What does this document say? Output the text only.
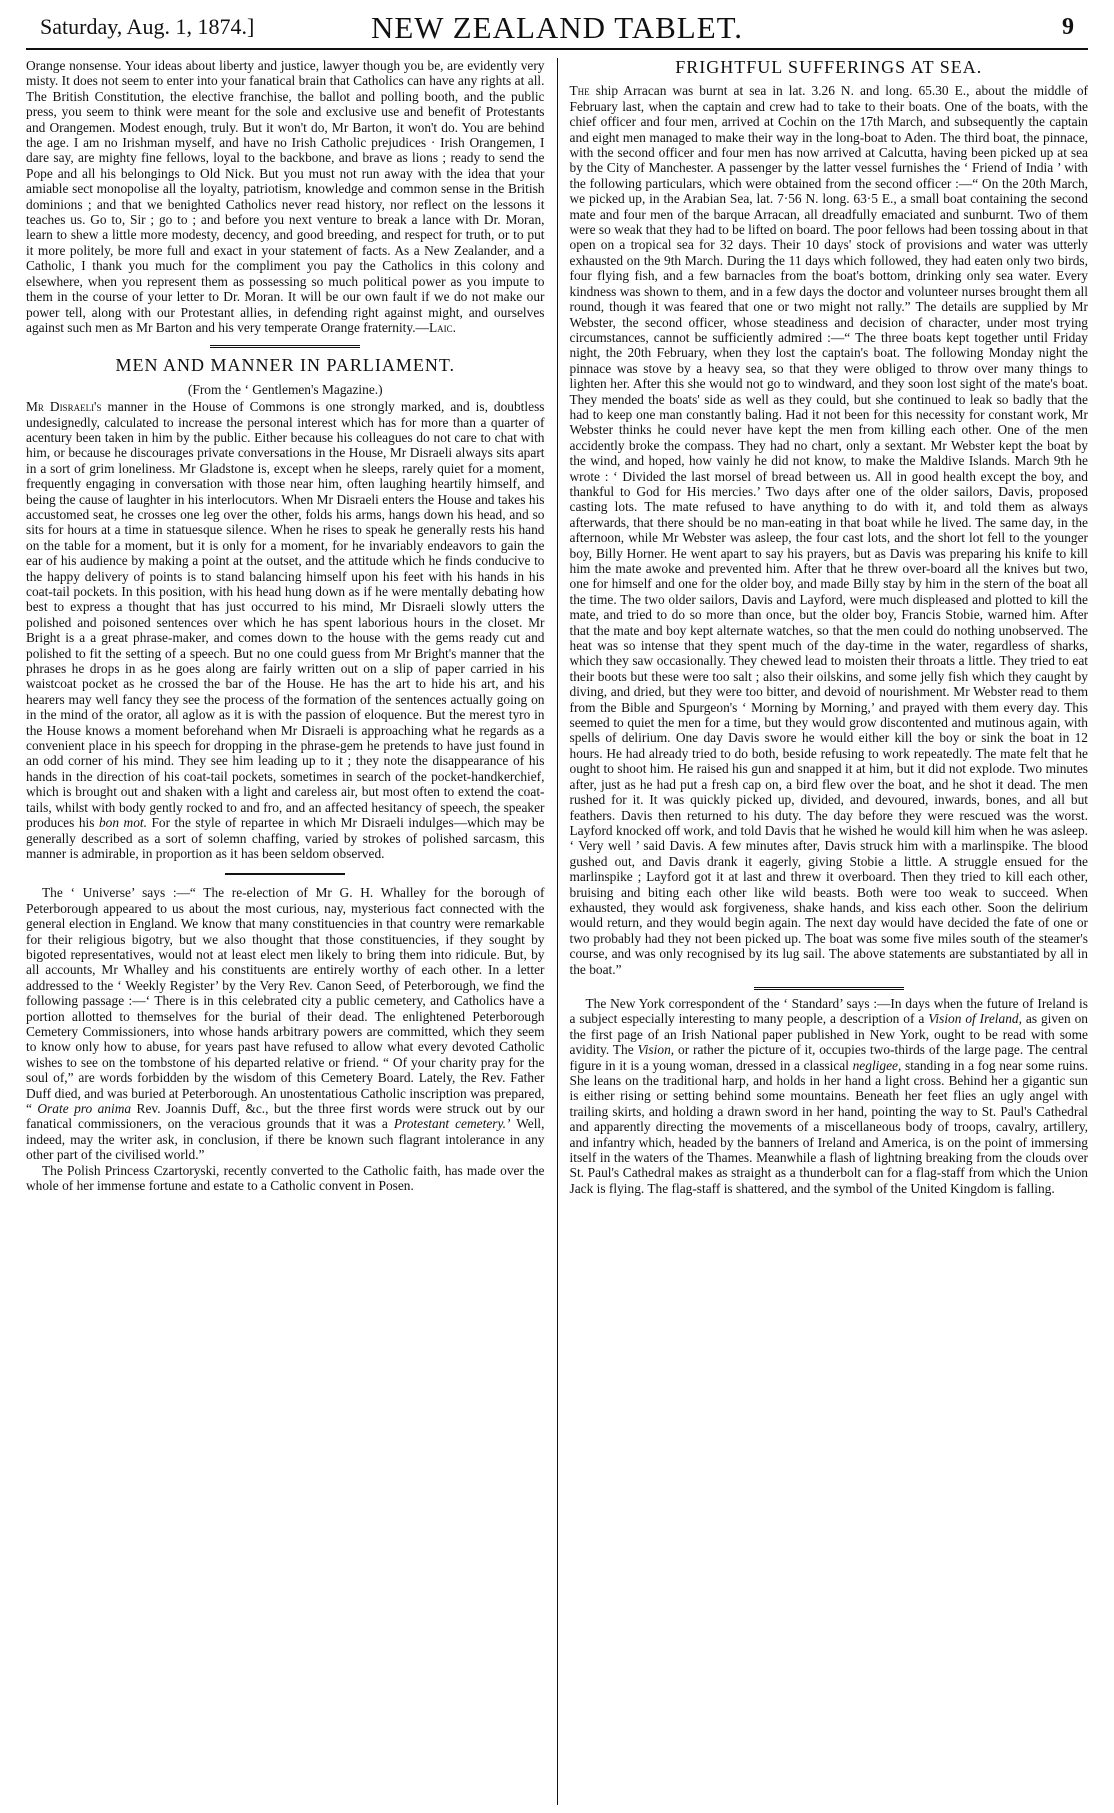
Saturday, Aug. 1, 1874.]	NEW ZEALAND TABLET.	9

Orange nonsense. Your ideas about liberty and justice, lawyer though you be, are evidently very misty. It does not seem to enter into your fanatical brain that Catholics can have any rights at all. The British Constitution, the elective franchise, the ballot and polling booth, and the public press, you seem to think were meant for the sole and exclusive use and benefit of Protestants and Orangemen. Modest enough, truly. But it won't do, Mr Barton, it won't do. You are behind the age. I am no Irishman myself, and have no Irish Catholic prejudices · Irish Orangemen, I dare say, are mighty fine fellows, loyal to the backbone, and brave as lions ; ready to send the Pope and all his belongings to Old Nick. But you must not run away with the idea that your amiable sect monopolise all the loyalty, patriotism, knowledge and common sense in the British dominions ; and that we benighted Catholics never read history, nor reflect on the lessons it teaches us. Go to, Sir ; go to ; and before you next venture to break a lance with Dr. Moran, learn to shew a little more modesty, decency, and good breeding, and respect for truth, or to put it more politely, be more full and exact in your statement of facts. As a New Zealander, and a Catholic, I thank you much for the compliment you pay the Catholics in this colony and elsewhere, when you represent them as possessing so much political power as you impute to them in the course of your letter to Dr. Moran. It will be our own fault if we do not make our power tell, along with our Protestant allies, in defending right against might, and ourselves against such men as Mr Barton and his very temperate Orange fraternity.—Laic.

MEN AND MANNER IN PARLIAMENT.
(From the ‘ Gentlemen's Magazine.)

Mr Disraeli's manner in the House of Commons is one strongly marked, and is, doubtless undesignedly, calculated to increase the personal interest which has for more than a quarter of acentury been taken in him by the public. Either because his colleagues do not care to chat with him, or because he discourages private conversations in the House, Mr Disraeli always sits apart in a sort of grim loneliness. Mr Gladstone is, except when he sleeps, rarely quiet for a moment, frequently engaging in conversation with those near him, often laughing heartily himself, and being the cause of laughter in his interlocutors. When Mr Disraeli enters the House and takes his accustomed seat, he crosses one leg over the other, folds his arms, hangs down his head, and so sits for hours at a time in statuesque silence. When he rises to speak he generally rests his hand on the table for a moment, but it is only for a moment, for he invariably endeavors to gain the ear of his audience by making a point at the outset, and the attitude which he finds conducive to the happy delivery of points is to stand balancing himself upon his feet with his hands in his coat-tail pockets. In this position, with his head hung down as if he were mentally debating how best to express a thought that has just occurred to his mind, Mr Disraeli slowly utters the polished and poisoned sentences over which he has spent laborious hours in the closet. Mr Bright is a a great phrase-maker, and comes down to the house with the gems ready cut and polished to fit the setting of a speech. But no one could guess from Mr Bright's manner that the phrases he drops in as he goes along are fairly written out on a slip of paper carried in his waistcoat pocket as he crossed the bar of the House. He has the art to hide his art, and his hearers may well fancy they see the process of the formation of the sentences actually going on in the mind of the orator, all aglow as it is with the passion of eloquence. But the merest tyro in the House knows a moment beforehand when Mr Disraeli is approaching what he regards as a convenient place in his speech for dropping in the phrase-gem he pretends to have just found in an odd corner of his mind. They see him leading up to it ; they note the disappearance of his hands in the direction of his coat-tail pockets, sometimes in search of the pocket-handkerchief, which is brought out and shaken with a light and careless air, but most often to extend the coat-tails, whilst with body gently rocked to and fro, and an affected hesitancy of speech, the speaker produces his bon mot. For the style of repartee in which Mr Disraeli indulges—which may be generally described as a sort of solemn chaffing, varied by strokes of polished sarcasm, this manner is admirable, in proportion as it has been seldom observed.

The ‘ Universe’ says :—“ The re-election of Mr G. H. Whalley for the borough of Peterborough appeared to us about the most curious, nay, mysterious fact connected with the general election in England. We know that many constituencies in that country were remarkable for their religious bigotry, but we also thought that those constituencies, if they sought by bigoted representatives, would not at least elect men likely to bring them into ridicule. But, by all accounts, Mr Whalley and his constituents are entirely worthy of each other. In a letter addressed to the ‘ Weekly Register’ by the Very Rev. Canon Seed, of Peterborough, we find the following passage :—‘ There is in this celebrated city a public cemetery, and Catholics have a portion allotted to themselves for the burial of their dead. The enlightened Peterborough Cemetery Commissioners, into whose hands arbitrary powers are committed, which they seem to know only how to abuse, for years past have refused to allow what every devoted Catholic wishes to see on the tombstone of his departed relative or friend. “ Of your charity pray for the soul of,” are words forbidden by the wisdom of this Cemetery Board. Lately, the Rev. Father Duff died, and was buried at Peterborough. An unostentatious Catholic inscription was prepared, “ Orate pro anima Rev. Joannis Duff, &c., but the three first words were struck out by our fanatical commissioners, on the veracious grounds that it was a Protestant cemetery.’ Well, indeed, may the writer ask, in conclusion, if there be known such flagrant intolerance in any other part of the civilised world.”

The Polish Princess Czartoryski, recently converted to the Catholic faith, has made over the whole of her immense fortune and estate to a Catholic convent in Posen.

FRIGHTFUL SUFFERINGS AT SEA.

The ship Arracan was burnt at sea in lat. 3.26 N. and long. 65.30 E., about the middle of February last, when the captain and crew had to take to their boats. One of the boats, with the chief officer and four men, arrived at Cochin on the 17th March, and subsequently the captain and eight men managed to make their way in the long-boat to Aden. The third boat, the pinnace, with the second officer and four men has now arrived at Calcutta, having been picked up at sea by the City of Manchester. A passenger by the latter vessel furnishes the ‘ Friend of India ’ with the following particulars, which were obtained from the second officer :—“ On the 20th March, we picked up, in the Arabian Sea, lat. 7·56 N. long. 63·5 E., a small boat containing the second mate and four men of the barque Arracan, all dreadfully emaciated and sunburnt. Two of them were so weak that they had to be lifted on board. The poor fellows had been tossing about in that open on a tropical sea for 32 days. Their 10 days' stock of provisions and water was utterly exhausted on the 9th March. During the 11 days which followed, they had eaten only two birds, four flying fish, and a few barnacles from the boat's bottom, drinking only sea water. Every kindness was shown to them, and in a few days the doctor and volunteer nurses brought them all round, though it was feared that one or two might not rally.” The details are supplied by Mr Webster, the second officer, whose steadiness and decision of character, under most trying circumstances, cannot be sufficiently admired :—“ The three boats kept together until Friday night, the 20th February, when they lost the captain's boat. The following Monday night the pinnace was stove by a heavy sea, so that they were obliged to throw over many things to lighten her. After this she would not go to windward, and they soon lost sight of the mate's boat. They mended the boats' side as well as they could, but she continued to leak so badly that the had to keep one man constantly baling. Had it not been for this necessity for constant work, Mr Webster thinks he could never have kept the men from killing each other. One of the men accidently broke the compass. They had no chart, only a sextant. Mr Webster kept the boat by the wind, and hoped, how vainly he did not know, to make the Maldive Islands. March 9th he wrote : ‘ Divided the last morsel of bread between us. All in good health except the boy, and thankful to God for His mercies.’ Two days after one of the older sailors, Davis, proposed casting lots. The mate refused to have anything to do with it, and told them as always afterwards, that there should be no man-eating in that boat while he lived. The same day, in the afternoon, while Mr Webster was asleep, the four cast lots, and the short lot fell to the younger boy, Billy Horner. He went apart to say his prayers, but as Davis was preparing his knife to kill him the mate awoke and prevented him. After that he threw over-board all the knives but two, one for himself and one for the older boy, and made Billy stay by him in the stern of the boat all the time. The two older sailors, Davis and Layford, were much displeased and plotted to kill the mate, and tried to do so more than once, but the older boy, Francis Stobie, warned him. After that the mate and boy kept alternate watches, so that the men could do nothing unobserved. The heat was so intense that they spent much of the day-time in the water, regardless of sharks, which they saw occasionally. They chewed lead to moisten their throats a little. They tried to eat their boots but these were too salt ; also their oilskins, and some jelly fish which they caught by diving, and dried, but they were too bitter, and devoid of nourishment. Mr Webster read to them from the Bible and Spurgeon's ‘ Morning by Morning,’ and prayed with them every day. This seemed to quiet the men for a time, but they would grow discontented and mutinous again, with spells of delirium. One day Davis swore he would either kill the boy or sink the boat in 12 hours. He had already tried to do both, beside refusing to work repeatedly. The mate felt that he ought to shoot him. He raised his gun and snapped it at him, but it did not explode. Two minutes after, just as he had put a fresh cap on, a bird flew over the boat, and he shot it dead. The men rushed for it. It was quickly picked up, divided, and devoured, inwards, bones, and all but feathers. Davis then returned to his duty. The day before they were rescued was the worst. Layford knocked off work, and told Davis that he wished he would kill him when he was asleep. ‘ Very well ’ said Davis. A few minutes after, Davis struck him with a marlinspike. The blood gushed out, and Davis drank it eagerly, giving Stobie a little. A struggle ensued for the marlinspike ; Layford got it at last and threw it overboard. Then they tried to kill each other, bruising and biting each other like wild beasts. Both were too weak to succeed. When exhausted, they would ask forgiveness, shake hands, and kiss each other. Soon the delirium would return, and they would begin again. The next day would have decided the fate of one or two probably had they not been picked up. The boat was some five miles south of the steamer's course, and was only recognised by its lug sail. The above statements are substantiated by all in the boat.”

The New York correspondent of the ‘ Standard’ says :—In days when the future of Ireland is a subject especially interesting to many people, a description of a Vision of Ireland, as given on the first page of an Irish National paper published in New York, ought to be read with some avidity. The Vision, or rather the picture of it, occupies two-thirds of the large page. The central figure in it is a young woman, dressed in a classical negligee, standing in a fog near some ruins. She leans on the traditional harp, and holds in her hand a light cross. Behind her a gigantic sun is either rising or setting behind some mountains. Beneath her feet flies an ugly angel with trailing skirts, and holding a drawn sword in her hand, pointing the way to St. Paul's Cathedral and apparently directing the movements of a miscellaneous body of troops, cavalry, artillery, and infantry which, headed by the banners of Ireland and America, is on the point of immersing itself in the waters of the Thames. Meanwhile a flash of lightning breaking from the clouds over St. Paul's Cathedral makes as straight as a thunderbolt can for a flag-staff from which the Union Jack is flying. The flag-staff is shattered, and the symbol of the United Kingdom is falling.
